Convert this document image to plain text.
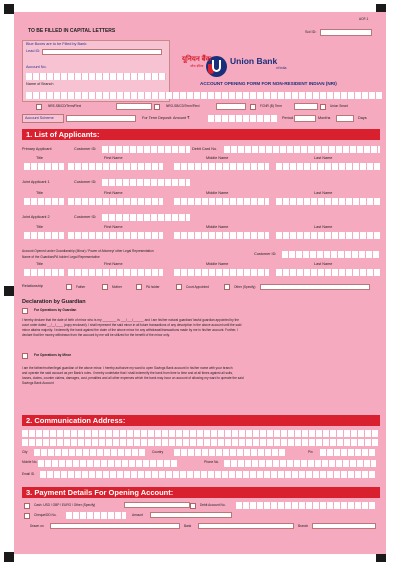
AOF-1
TO BE FILLED IN CAPITAL LETTERS	Sol ID:
Blue Boxes are to be Filled by Bank:
Lead ID:
Account No.
यूनियन बैंक
ऑफ इंडिया	Union Bank
of India
ACCOUNT OPENING FORM FOR NON-RESIDENT INDIAN (NRI)
Name of Branch
NRE-SB/CD/Term/Flexi	NRO-SB/CD/Term/Flexi	FCNR (B) Term	Union Smart
Account Scheme	For Term Deposit: Amount ₹	Period	Months	Days
1. List of Applicants:
Primary Applicant	Customer ID:	Debit Card No.
Title	First Name	Middle Name	Last Name
Joint Applicant 1	Customer ID:
Title	First Name	Middle Name	Last Name
Joint Applicant 2	Customer ID:
Title	First Name	Middle Name	Last Name
Account Opened under Guardianship (Minor) / Power of Attorney/ other Legal Representation
Name of the Guardian/PA holder/ Legal Representative
Customer ID:
Title	First Name	Middle Name	Last Name
Relationship	Father	Mother	PA holder	Court Appointed	Other (Specify)
Declaration by Guardian
For Operations by Guardian
I hereby declare that the date of birth of minor who is my ________ is ___/___/______ and I am his/her natural guardian/ lawful guardian appointed by the
court order dated __/__/____ (copy enclosed). I shall represent the said minor in all future transactions of any description in the above account until the said
minor attains majority. I indemnify the bank against the claim of the above minor for any withdrawal/transactions made by me in his/her account. Further, I
declare that the money withdrawn from the account by me will be utilized for the benefit of the minor only.
For Operations by Minor
I am the father/mother/legal guardian of the above minor. I hereby authorize my ward to open Savings Bank account in his/her name with your branch
and operate the said account as per Bank's rules. I hereby undertake that I shall indemnify the bank from time to time and at all times against all suits,
losses, claims, counter claims, damages, cost, penalties and all other expenses which the bank may incur on account of allowing my ward to operate the said
Savings Bank Account
2. Communication Address:
City	Country	Pin
Mobile No.	Phone No.
Email ID.
3. Payment Details For Opening Account:
Cash: USD / GBP / EURO / Other (Specify)	Debit Account No.
Cheque/DD No.	Amount
Drawn on	Bank	Branch
